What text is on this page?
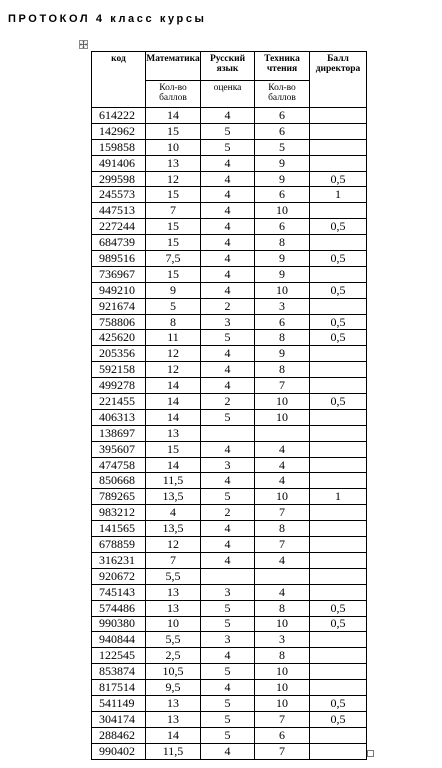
ПРОТОКОЛ 4 класс курсы
код	Математика	Русский язык	Техника чтения	Балл директора
	Кол-во баллов	оценка	Кол-во баллов	
614222	14	4	6	
142962	15	5	6	
159858	10	5	5	
491406	13	4	9	
299598	12	4	9	0,5
245573	15	4	6	1
447513	7	4	10	
227244	15	4	6	0,5
684739	15	4	8	
989516	7,5	4	9	0,5
736967	15	4	9	
949210	9	4	10	0,5
921674	5	2	3	
758806	8	3	6	0,5
425620	11	5	8	0,5
205356	12	4	9	
592158	12	4	8	
499278	14	4	7	
221455	14	2	10	0,5
406313	14	5	10	
138697	13			
395607	15	4	4	
474758	14	3	4	
850668	11,5	4	4	
789265	13,5	5	10	1
983212	4	2	7	
141565	13,5	4	8	
678859	12	4	7	
316231	7	4	4	
920672	5,5			
745143	13	3	4	
574486	13	5	8	0,5
990380	10	5	10	0,5
940844	5,5	3	3	
122545	2,5	4	8	
853874	10,5	5	10	
817514	9,5	4	10	
541149	13	5	10	0,5
304174	13	5	7	0,5
288462	14	5	6	
990402	11,5	4	7	
